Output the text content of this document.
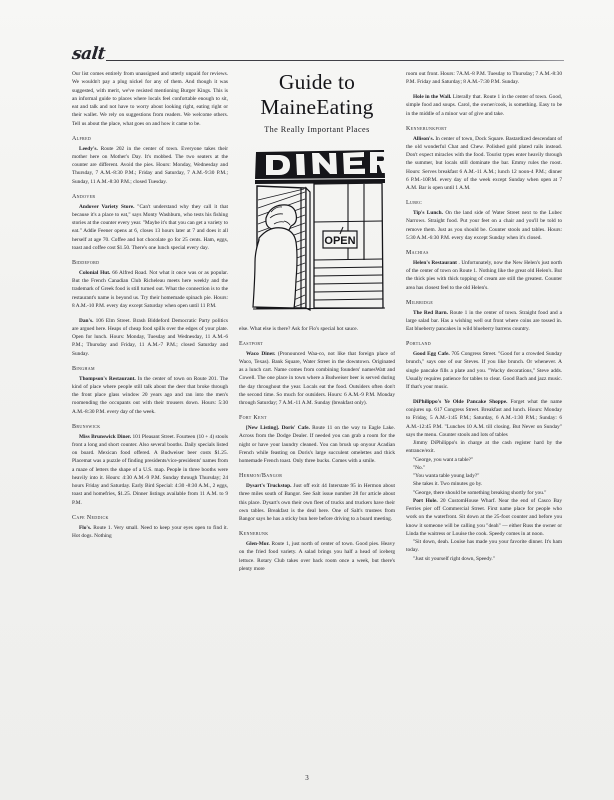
salt

Our list comes entirely from unassigned and utterly unpaid for reviews. We wouldn't pay a plug nickel for any of them. And though it was suggested, with merit, we've resisted mentioning Burger Kings. This is an informal guide to places where locals feel confortable enough to sit, eat and talk and not have to worry about looking right, eating right or their wallet. We rely on suggestions from readers. We welcome others. Tell us about the place, what goes on and how it came to be.

Alfred

Leedy's. Route 202 in the center of town. Everyone takes their mother here on Mother's Day. It's mobbed. The two seaters at the counter are different. Avoid the pies. Hours: Monday, Wednesday and Thursday, 7 A.M.-8:30 P.M.; Friday and Saturday, 7 A.M.-9:30 P.M.; Sunday, 11 A.M.-8:30 P.M.; closed Tuesday.

Andover

Andover Variety Store. "Can't understand why they call it that because it's a place to eat," says Monty Washburn, who tests his fishing stories at the counter every year. "Maybe it's that you can get a variety to eat." Addie Feener opens at 6, closes 13 hours later at 7 and does it all herself at age 70. Coffee and hot chocolate go for 25 cents. Ham, eggs, toast and coffee cost $1.50. There's one lunch special every day.

Biddeford

Colonial Hut. 66 Alfred Road. Not what it once was or as popular. But the French Canadian Club Richeleau meets here weekly and the trademark of Greek food is still turned out. What the connection is to the restaurant's name is beyond us. Try their homemade spinach pie. Hours: 8 A.M.-10 P.M. every day except Saturday when open until 11 P.M.

Dan's. 106 Elm Street. Brash Biddeford Democratic Party politics are argued here. Heaps of cheap food spills over the edges of your plate. Open for lunch. Hours: Monday, Tuesday and Wednesday, 11 A.M.-6 P.M.; Thursday and Friday, 11 A.M.-7 P.M.; closed Saturday and Sunday.

Bingham

Thompson's Restaurant. In the center of town on Route 201. The kind of place where people still talk about the deer that broke through the front place glass window 20 years ago and ran into the men's roomending the occupants out with their trousers down. Hours: 5:30 A.M.-8:30 P.M. every day of the week.

Brunswick

Miss Brunswick Diner. 101 Pleasant Street. Fourteen (10 + 4) stools front a long and short counter. Also several booths. Daily specials listed on board. Mexican food offered. A Budweiser beer costs $1.25. Placemat was a puzzle of finding presidents/vice-presidents' names from a maze of letters the shape of a U.S. map. People in three booths were heavily into it. Hours: 4:30 A.M.-9 P.M. Sunday through Thursday; 24 hours Friday and Saturday. Early Bird Special: 4:30 -8:30 A.M., 2 eggs, toast and homefries, $1.25. Dinner listings available from 11 A.M. to 9 P.M.

Cape Neddick

Flo's. Route 1. Very small. Need to keep your eyes open to find it. Hot dogs. Nothing

Guide to
MaineEating
The Really Important Places
OPEN

else. What else is there? Ask for Flo's special hot sauce.

Eastport

Waco Diner. (Pronounced Waa-co, not like that foreign place of Waco, Texas). Bank Square, Water Street in the downtown. Originated as a lunch cart. Name comes from combining founders' namesWatt and Cowell. The one place in town where a Budweiser beer is served during the day throughout the year. Locals eat the food. Outsiders often don't the second time. So much for outsiders. Hours: 6 A.M.-9 P.M. Monday through Saturday; 7 A.M.-11 A.M. Sunday (breakfast only).

Fort Kent

[New Listing]. Doris' Cafe. Route 11 on the way to Eagle Lake. Across from the Dodge Dealer. If needed you can grab a room for the night or have your laundry cleaned. You can brush up onyour Acadian French while feasting on Doris's large succulent omelettes and thick homemade French toast. Only three bucks. Comes with a smile.

Hermon/Bangor

Dysart's Truckstop. Just off exit 44 Interstate 95 in Hermon about three miles south of Bangor. See Salt issue number 28 for article about this place. Dysart's own their own fleet of trucks and truckers have their own tables. Breakfast is the deal here. One of Salt's trustees from Bangor says he has a sticky bun here before driving to a board meeting.

Kennebunk

Glen-Mor. Route 1, just north of center of town. Good pies. Heavy on the fried food variety. A salad brings you half a head of iceberg lettuce. Rotary Club takes over back room once a week, but there's plenty more

room out front. Hours: 7A.M.-8 P.M. Tuesday to Thursday; 7 A.M.-8:30 P.M. Friday and Saturday; 8 A.M.-7:30 P.M. Sunday.

Hole in the Wall. Literally that. Route 1 in the center of town. Good, simple food and soups. Carol, the owner/cook, is something. Easy to be in the middle of a minor war of give and take.

Kennebunkport

Allison's. In center of town, Dock Square. Bastardized descendant of the old wonderful Chat and Chew. Polished gold plated rails instead. Don't expect miracles with the food. Tourist types enter heavily through the summer, but locals still dominate the bar. Emmy rules the roost. Hours: Serves breakfast 6 A.M.-11 A.M.; lunch 12 noon-4 P.M.; dinner 6 P.M.-10P.M. every day of the week except Sunday when open at 7 A.M. Bar is open until 1 A.M.

Lubec

Tip's Lunch. On the land side of Water Street next to the Lubec Narrows. Straight food. Put your feet on a chair and you'll be told to remove them. Just as you should be. Counter stools and tables. Hours: 5:30 A.M.-6:30 P.M. every day except Sunday when it's closed.

Machias

Helen's Restaurant . Unfortunately, now the New Helen's just north of the center of town on Route 1. Nothing like the great old Helen's. But the thick pies with thick topping of cream are still the greatest. Counter area has closest feel to the old Helen's.

Milbridge

The Red Barn. Route 1 in the center of town. Straight food and a large salad bar. Has a wishing well out front where coins are tossed in. Eat blueberry pancakes in wild blueberry barrens country.

Portland

Good Egg Cafe. 705 Congress Street. "Good for a crowded Sunday brunch," says one of our Steves. If you like brunch. Or whenever. A single pancake fills a plate and you. "Wacky decorations," Steve adds. Usually requires patience for tables to clear. Good Bach and jazz music. If that's your music.

DiPhilippo's Ye Olde Pancake Shoppe. Forget what the name conjures up. 617 Congress Street. Breakfast and lunch. Hours: Monday to Friday, 5 A.M.-1:45 P.M.; Saturday, 6 A.M.-1:30 P.M.; Sunday: 6 A.M.-12:45 P.M. "Lunches 10 A.M. till closing. But Never on Sunday" says the menu. Counter stools and lots of tables

Jimmy DiPhilippo's in charge at the cash register hard by the entrance/exit.

"George, you want a table?"

"No."

"You wanta table young lady?"

She takes it. Two minutes go by.

"George, there should be something breaking shortly for you."

Port Hole. 20 CustomHouse Wharf. Near the end of Casco Bay Ferries pier off Commercial Street. First name place for people who work on the waterfront. Sit down at the 25-foot counter and before you know it someone will be calling you "deah" — either Russ the owner or Linda the waitress or Louise the cook. Speedy comes in at noon.

"Sit down, deah. Louise has made you your favorite dinner. It's ham today.

"Just sit yourself right down, Speedy."

3
